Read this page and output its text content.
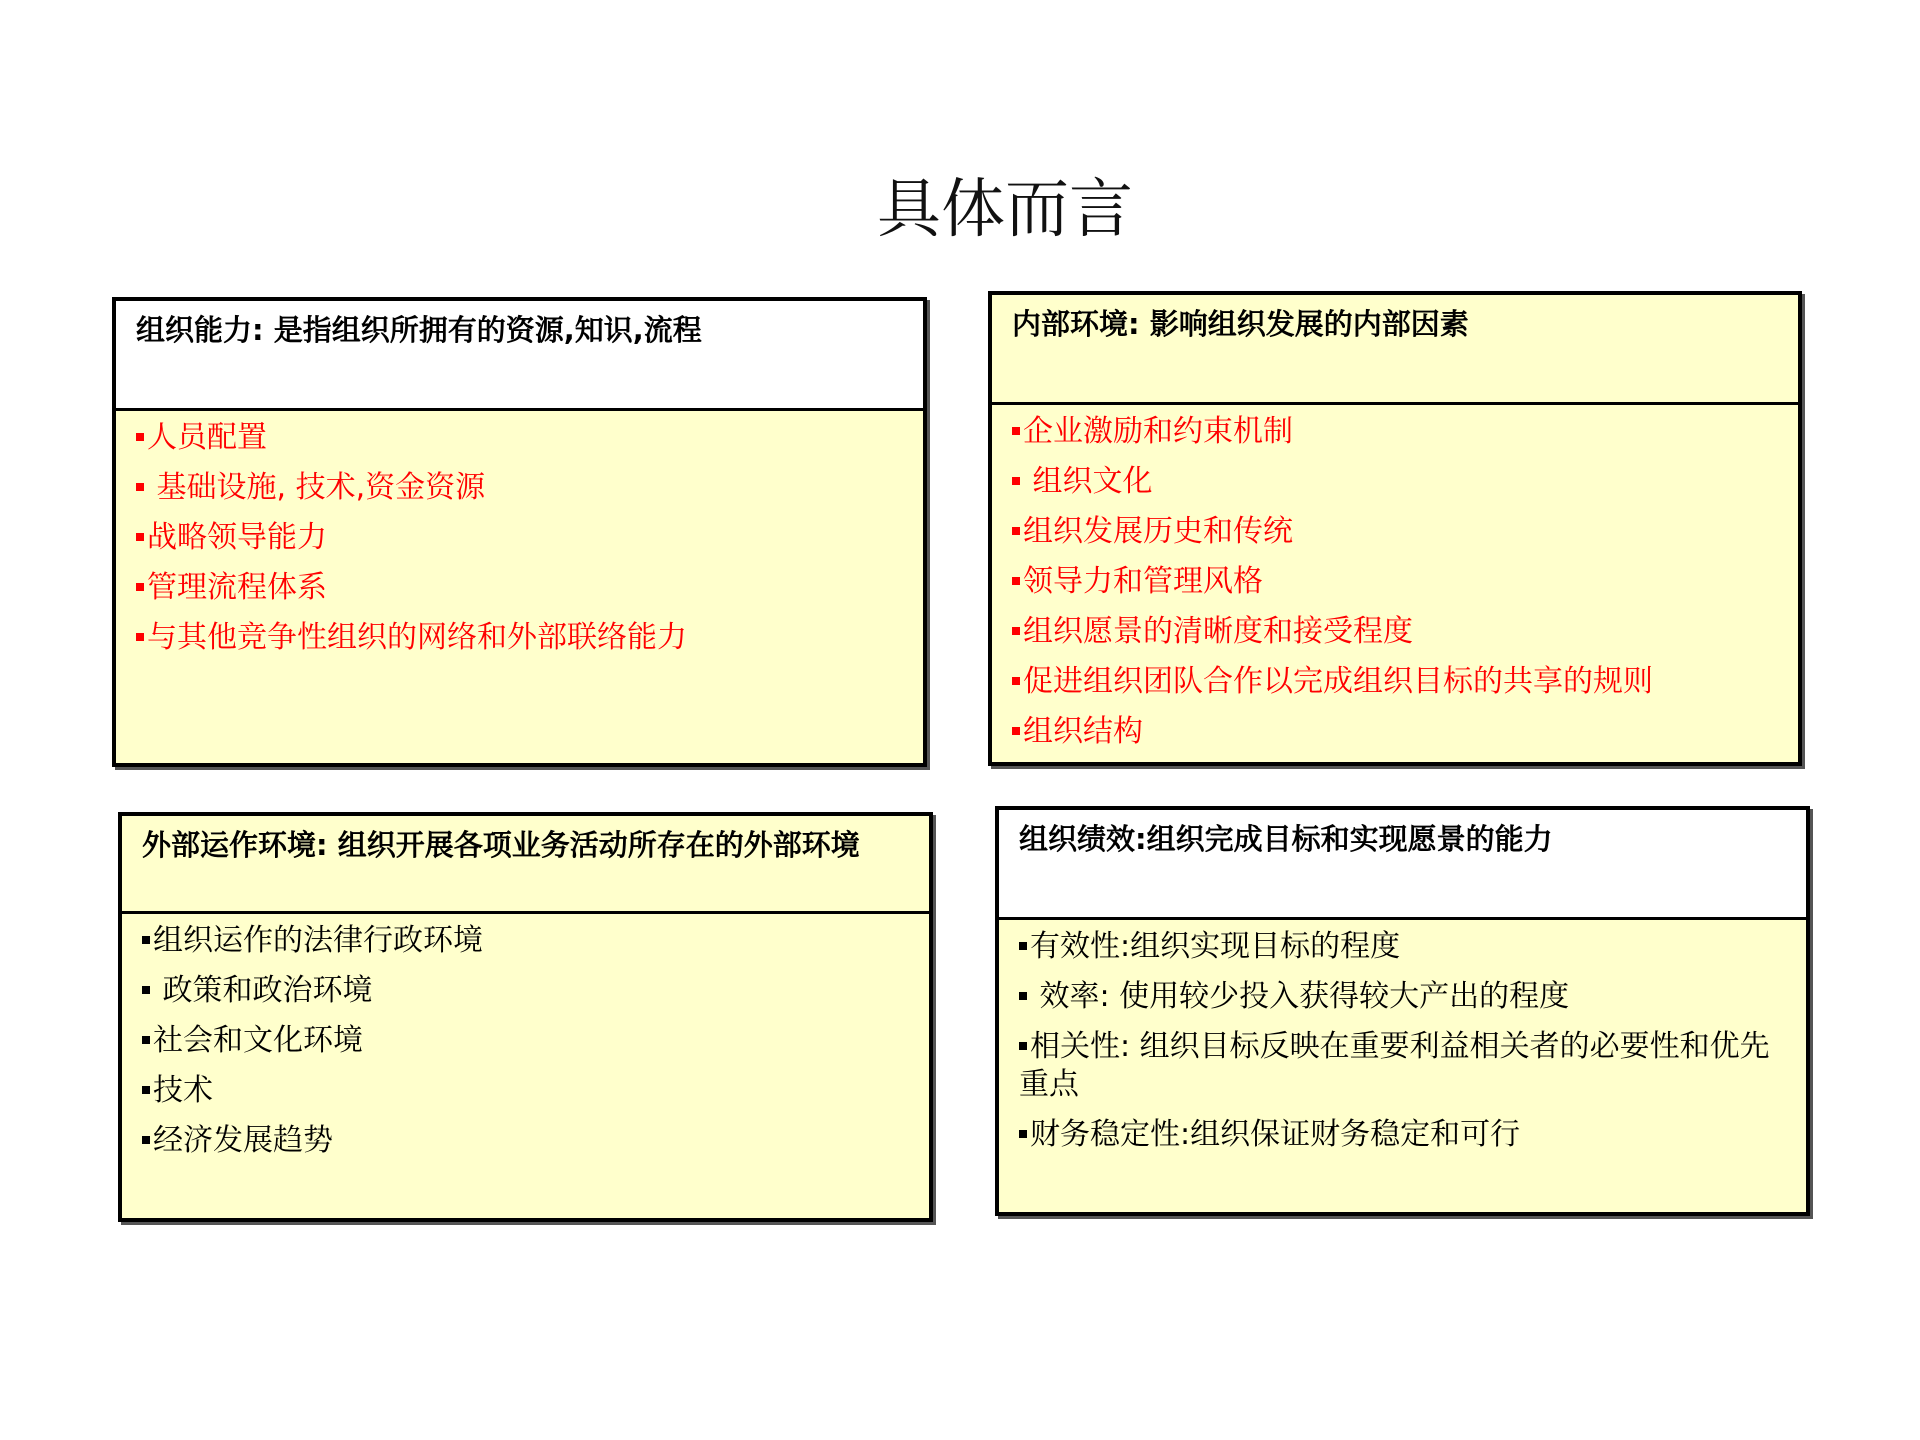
具体而言
组织能力: 是指组织所拥有的资源,知识,流程
人员配置
基础设施, 技术,资金资源
战略领导能力
管理流程体系
与其他竞争性组织的网络和外部联络能力
内部环境: 影响组织发展的内部因素
企业激励和约束机制
组织文化
组织发展历史和传统
领导力和管理风格
组织愿景的清晰度和接受程度
促进组织团队合作以完成组织目标的共享的规则
组织结构
外部运作环境: 组织开展各项业务活动所存在的外部环境
组织运作的法律行政环境
政策和政治环境
社会和文化环境
技术
经济发展趋势
组织绩效:组织完成目标和实现愿景的能力
有效性:组织实现目标的程度
效率: 使用较少投入获得较大产出的程度
相关性: 组织目标反映在重要利益相关者的必要性和优先重点
财务稳定性:组织保证财务稳定和可行
